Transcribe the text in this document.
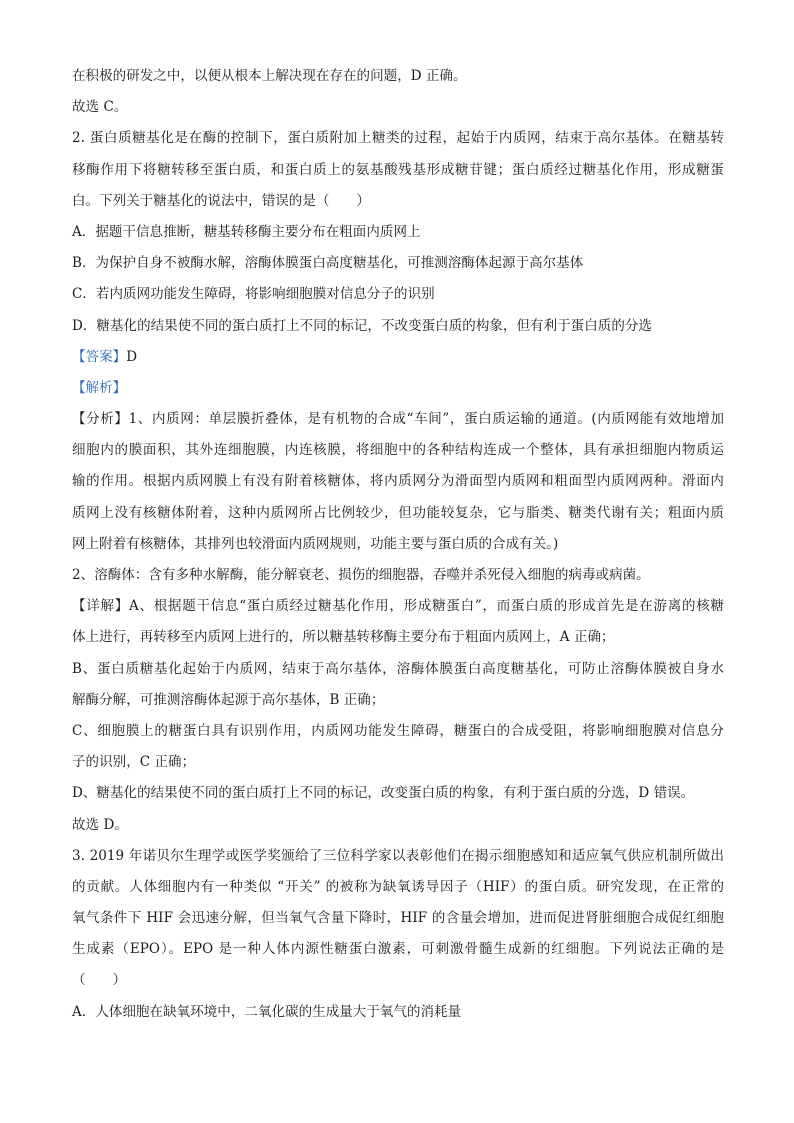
在积极的研发之中，以便从根本上解决现在存在的问题，D 正确。
故选 C。
2. 蛋白质糖基化是在酶的控制下，蛋白质附加上糖类的过程，起始于内质网，结束于高尔基体。在糖基转
移酶作用下将糖转移至蛋白质，和蛋白质上的氨基酸残基形成糖苷键；蛋白质经过糖基化作用，形成糖蛋
白。下列关于糖基化的说法中，错误的是（　　）
A．据题干信息推断，糖基转移酶主要分布在粗面内质网上
B．为保护自身不被酶水解，溶酶体膜蛋白高度糖基化，可推测溶酶体起源于高尔基体
C．若内质网功能发生障碍，将影响细胞膜对信息分子的识别
D．糖基化的结果使不同的蛋白质打上不同的标记，不改变蛋白质的构象，但有利于蛋白质的分选
【答案】D
【解析】
【分析】1、内质网：单层膜折叠体，是有机物的合成“车间”，蛋白质运输的通道。(内质网能有效地增加
细胞内的膜面积，其外连细胞膜，内连核膜，将细胞中的各种结构连成一个整体，具有承担细胞内物质运
输的作用。根据内质网膜上有没有附着核糖体，将内质网分为滑面型内质网和粗面型内质网两种。滑面内
质网上没有核糖体附着，这种内质网所占比例较少，但功能较复杂，它与脂类、糖类代谢有关；粗面内质
网上附着有核糖体，其排列也较滑面内质网规则，功能主要与蛋白质的合成有关。)
2、溶酶体：含有多种水解酶，能分解衰老、损伤的细胞器，吞噬并杀死侵入细胞的病毒或病菌。
【详解】A、根据题干信息“蛋白质经过糖基化作用，形成糖蛋白”，而蛋白质的形成首先是在游离的核糖
体上进行，再转移至内质网上进行的，所以糖基转移酶主要分布于粗面内质网上，A 正确；
B、蛋白质糖基化起始于内质网，结束于高尔基体，溶酶体膜蛋白高度糖基化，可防止溶酶体膜被自身水
解酶分解，可推测溶酶体起源于高尔基体，B 正确；
C、细胞膜上的糖蛋白具有识别作用，内质网功能发生障碍，糖蛋白的合成受阻，将影响细胞膜对信息分
子的识别，C 正确；
D、糖基化的结果使不同的蛋白质打上不同的标记，改变蛋白质的构象，有利于蛋白质的分选，D 错误。
故选 D。
3. 2019 年诺贝尔生理学或医学奖颁给了三位科学家以表彰他们在揭示细胞感知和适应氧气供应机制所做出
的贡献。人体细胞内有一种类似 “开关” 的被称为缺氧诱导因子（HIF）的蛋白质。研究发现，在正常的
氧气条件下 HIF 会迅速分解，但当氧气含量下降时，HIF 的含量会增加，进而促进肾脏细胞合成促红细胞
生成素（EPO）。EPO 是一种人体内源性糖蛋白激素，可刺激骨髓生成新的红细胞。下列说法正确的是
（　　）
A．人体细胞在缺氧环境中，二氧化碳的生成量大于氧气的消耗量
